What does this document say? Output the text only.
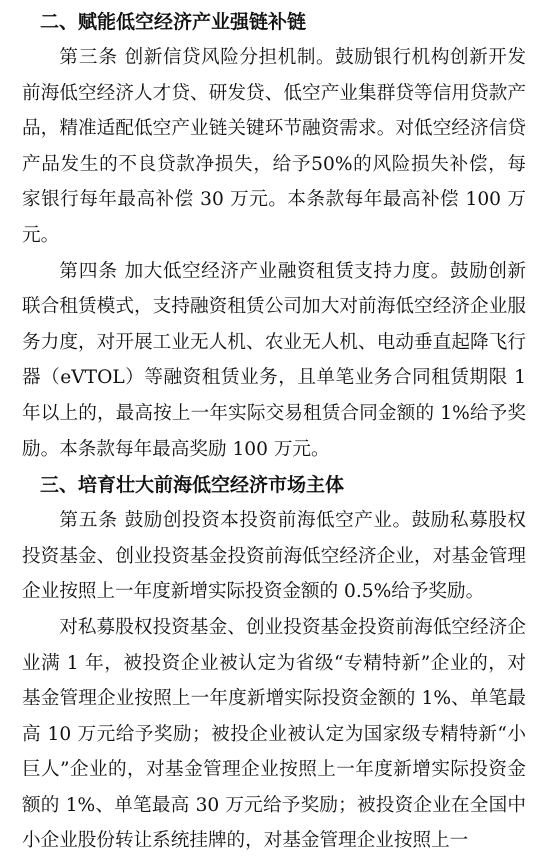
二、赋能低空经济产业强链补链

第三条 创新信贷风险分担机制。鼓励银行机构创新开发前海低空经济人才贷、研发贷、低空产业集群贷等信用贷款产品，精准适配低空产业链关键环节融资需求。对低空经济信贷产品发生的不良贷款净损失，给予50%的风险损失补偿，每家银行每年最高补偿 30 万元。本条款每年最高补偿 100 万元。

第四条 加大低空经济产业融资租赁支持力度。鼓励创新联合租赁模式，支持融资租赁公司加大对前海低空经济企业服务力度，对开展工业无人机、农业无人机、电动垂直起降飞行器（eVTOL）等融资租赁业务，且单笔业务合同租赁期限 1 年以上的，最高按上一年实际交易租赁合同金额的 1%给予奖励。本条款每年最高奖励 100 万元。

三、培育壮大前海低空经济市场主体

第五条 鼓励创投资本投资前海低空产业。鼓励私募股权投资基金、创业投资基金投资前海低空经济企业，对基金管理企业按照上一年度新增实际投资金额的 0.5%给予奖励。

对私募股权投资基金、创业投资基金投资前海低空经济企业满 1 年，被投资企业被认定为省级“专精特新”企业的，对基金管理企业按照上一年度新增实际投资金额的 1%、单笔最高 10 万元给予奖励；被投企业被认定为国家级专精特新“小巨人”企业的，对基金管理企业按照上一年度新增实际投资金额的 1%、单笔最高 30 万元给予奖励；被投资企业在全国中小企业股份转让系统挂牌的，对基金管理企业按照上一
